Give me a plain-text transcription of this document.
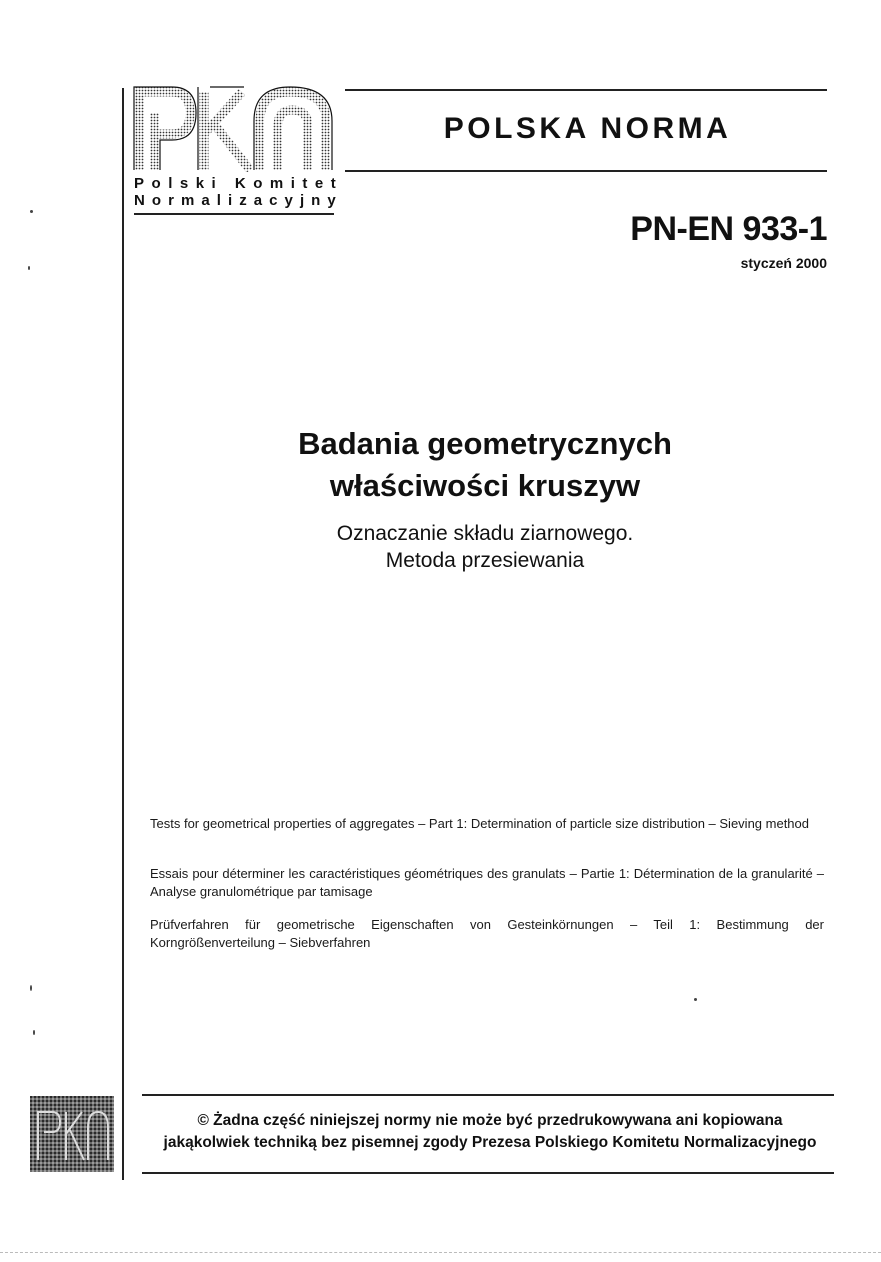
P o l s k i
K o m i t e t
N o r m a l i z a c y j n y
POLSKA NORMA
PN-EN 933-1
styczeń 2000
Badania geometrycznych
właściwości kruszyw
Oznaczanie składu ziarnowego.
Metoda przesiewania
Tests for geometrical properties of aggregates – Part 1: Determination of particle size distribution – Sieving method
Essais pour déterminer les caractéristiques géométriques des granulats – Partie 1: Détermination de la granularité – Analyse granulométrique par tamisage
Prüfverfahren für geometrische Eigenschaften von Gesteinkörnungen – Teil 1: Bestimmung der Korngrößenverteilung – Siebverfahren
© Żadna część niniejszej normy nie może być przedrukowywana ani kopiowana
jakąkolwiek techniką bez pisemnej zgody Prezesa Polskiego Komitetu Normalizacyjnego
